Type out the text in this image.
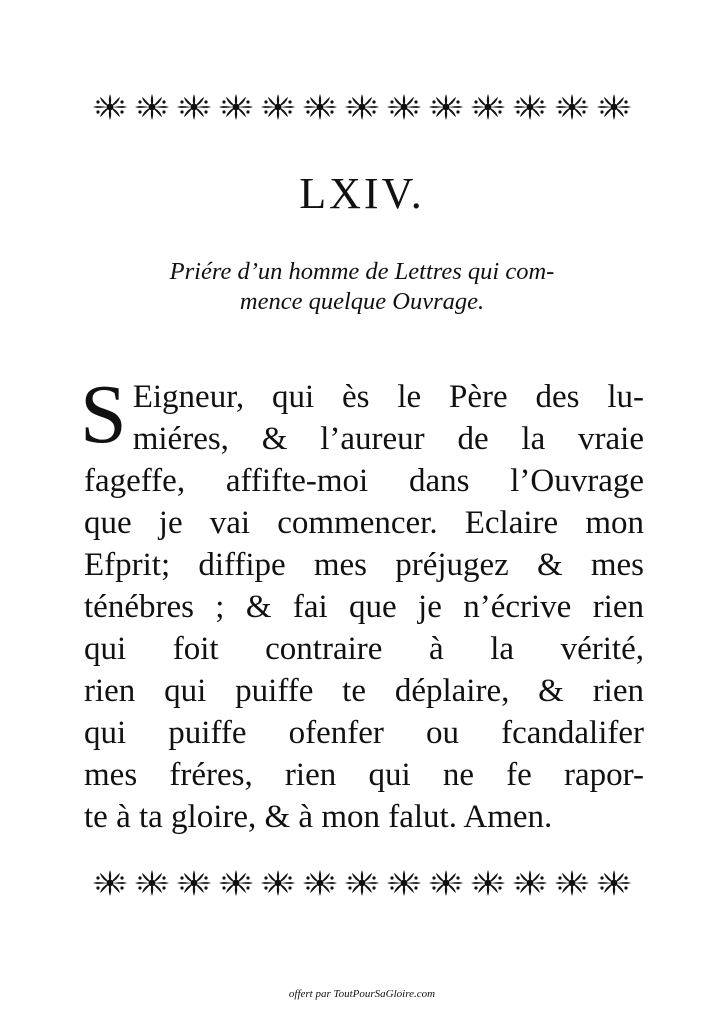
LXIV.
Priére d’un homme de Lettres qui com-
mence quelque Ouvrage.
S Eigneur, qui ès le Père des lu-
miéres, & l’aureur de la vraie
fageffe, affifte-moi dans l’Ouvrage
que je vai commencer. Eclaire mon
Efprit; diffipe mes préjugez & mes
ténébres ; & fai que je n’écrive rien
qui foit contraire à la vérité,
rien qui puiffe te déplaire, & rien
qui puiffe ofenfer ou fcandalifer
mes fréres, rien qui ne fe rapor-
te à ta gloire, & à mon falut. Amen.
offert par ToutPourSaGloire.com
